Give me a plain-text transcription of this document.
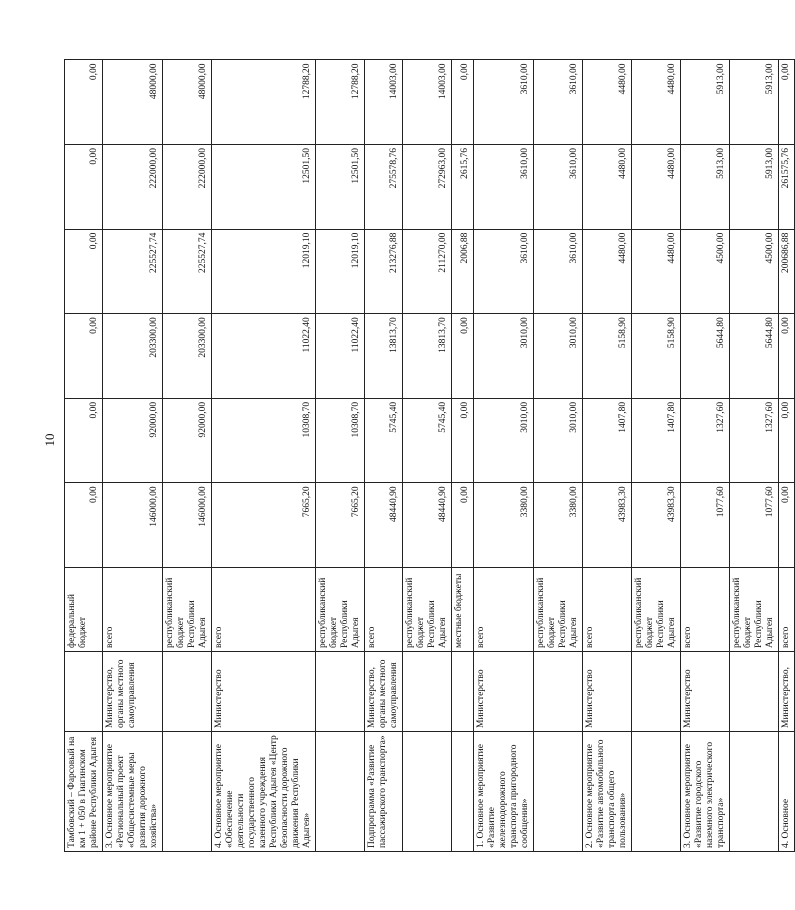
10
Тамбовский – Фарсовый на км 1 + 050 в Гиагинском районе Республики Адыгея		федеральный бюджет	0,00	0,00	0,00	0,00	0,00	0,00
3. Основное мероприятие «Региональный проект «Общесистемные меры развития дорожного хозяйства»	Министерство, органы местного самоуправления	всего	146000,00	92000,00	203300,00	225527,74	222000,00	48000,00
		республиканский бюджет Республики Адыгея	146000,00	92000,00	203300,00	225527,74	222000,00	48000,00
4. Основное мероприятие «Обеспечение деятельности государственного казенного учреждения Республики Адыгея «Центр безопасности дорожного движения Республики Адыгея»	Министерство	всего	7665,20	10308,70	11022,40	12019,10	12501,50	12788,20
		республиканский бюджет Республики Адыгея	7665,20	10308,70	11022,40	12019,10	12501,50	12788,20
Подпрограмма «Развитие пассажирского транспорта»	Министерство, органы местного самоуправления	всего	48440,90	5745,40	13813,70	213276,88	275578,76	14003,00
		республиканский бюджет Республики Адыгея	48440,90	5745,40	13813,70	211270,00	272963,00	14003,00
		местные бюджеты	0,00	0,00	0,00	2006,88	2615,76	0,00
1. Основное мероприятие «Развитие железнодорожного транспорта пригородного сообщения»	Министерство	всего	3380,00	3010,00	3010,00	3610,00	3610,00	3610,00
		республиканский бюджет Республики Адыгея	3380,00	3010,00	3010,00	3610,00	3610,00	3610,00
2. Основное мероприятие «Развитие автомобильного транспорта общего пользования»	Министерство	всего	43983,30	1407,80	5158,90	4480,00	4480,00	4480,00
		республиканский бюджет Республики Адыгея	43983,30	1407,80	5158,90	4480,00	4480,00	4480,00
3. Основное мероприятие «Развитие городского наземного электрического транспорта»	Министерство	всего	1077,60	1327,60	5644,80	4500,00	5913,00	5913,00
		республиканский бюджет Республики Адыгея	1077,60	1327,60	5644,80	4500,00	5913,00	5913,00
4. Основное	Министерство,	всего	0,00	0,00	0,00	200686,88	261575,76	0,00
